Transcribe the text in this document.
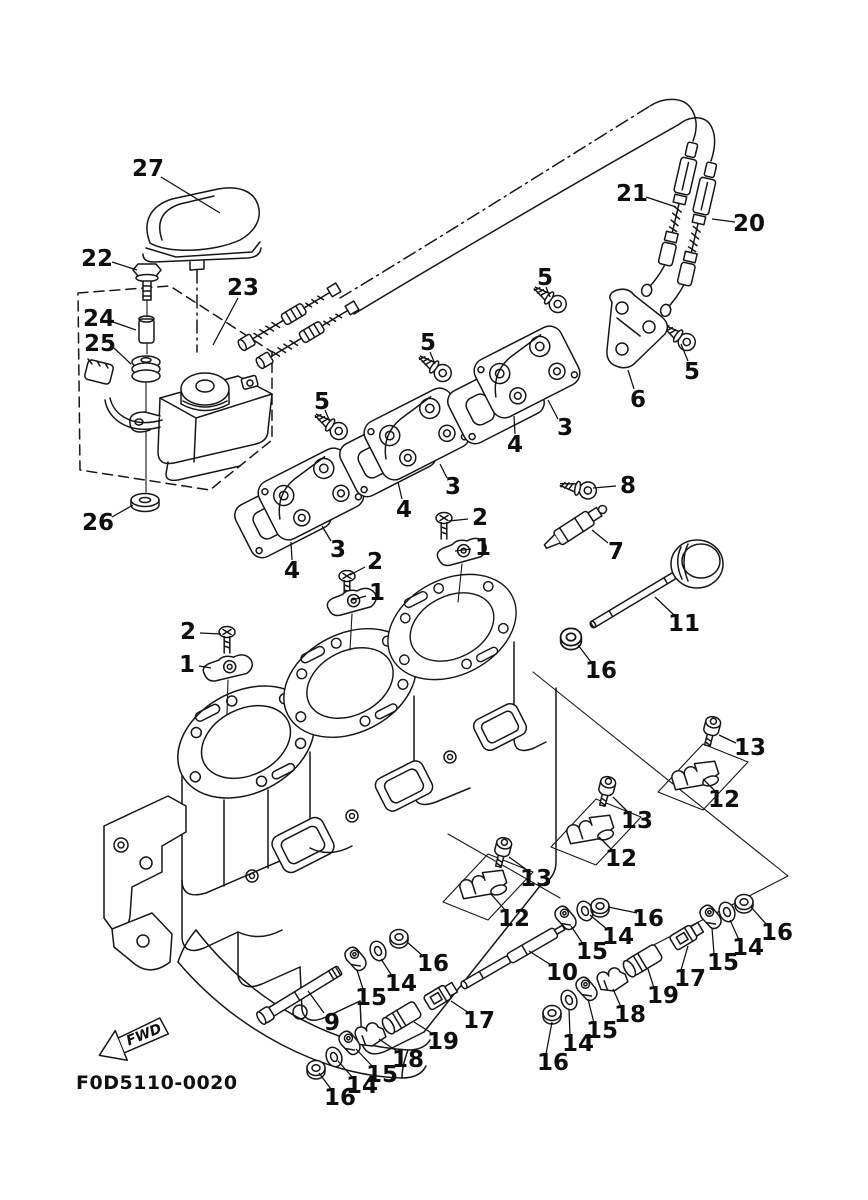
FWD
F0D5110-0020
27
22
24
25
23
26
21
20
5
5
6
5
5
3
4
3
4
3
4
2
1
2
1
2
1
8
7
11
16
13
12
13
12
13
12
16
14
15
9
10
17
19
18
15
14
16
16
14
15
16
14
15
17
19
18
15
14
16
